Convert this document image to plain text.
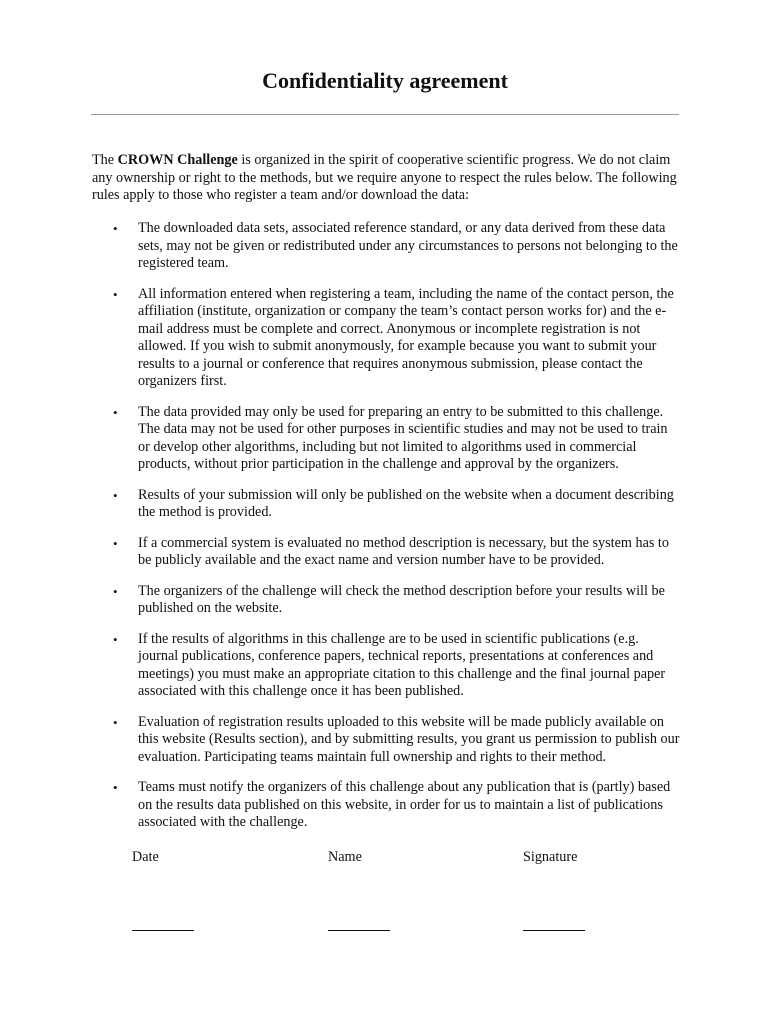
Confidentiality agreement

The CROWN Challenge is organized in the spirit of cooperative scientific progress. We do not claim any ownership or right to the methods, but we require anyone to respect the rules below. The following rules apply to those who register a team and/or download the data:

• The downloaded data sets, associated reference standard, or any data derived from these data sets, may not be given or redistributed under any circumstances to persons not belonging to the registered team.
• All information entered when registering a team, including the name of the contact person, the affiliation (institute, organization or company the team’s contact person works for) and the e-mail address must be complete and correct. Anonymous or incomplete registration is not allowed. If you wish to submit anonymously, for example because you want to submit your results to a journal or conference that requires anonymous submission, please contact the organizers first.
• The data provided may only be used for preparing an entry to be submitted to this challenge. The data may not be used for other purposes in scientific studies and may not be used to train or develop other algorithms, including but not limited to algorithms used in commercial products, without prior participation in the challenge and approval by the organizers.
• Results of your submission will only be published on the website when a document describing the method is provided.
• If a commercial system is evaluated no method description is necessary, but the system has to be publicly available and the exact name and version number have to be provided.
• The organizers of the challenge will check the method description before your results will be published on the website.
• If the results of algorithms in this challenge are to be used in scientific publications (e.g. journal publications, conference papers, technical reports, presentations at conferences and meetings) you must make an appropriate citation to this challenge and the final journal paper associated with this challenge once it has been published.
• Evaluation of registration results uploaded to this website will be made publicly available on this website (Results section), and by submitting results, you grant us permission to publish our evaluation. Participating teams maintain full ownership and rights to their method.
• Teams must notify the organizers of this challenge about any publication that is (partly) based on the results data published on this website, in order for us to maintain a list of publications associated with the challenge.
Date	Name	Signature
